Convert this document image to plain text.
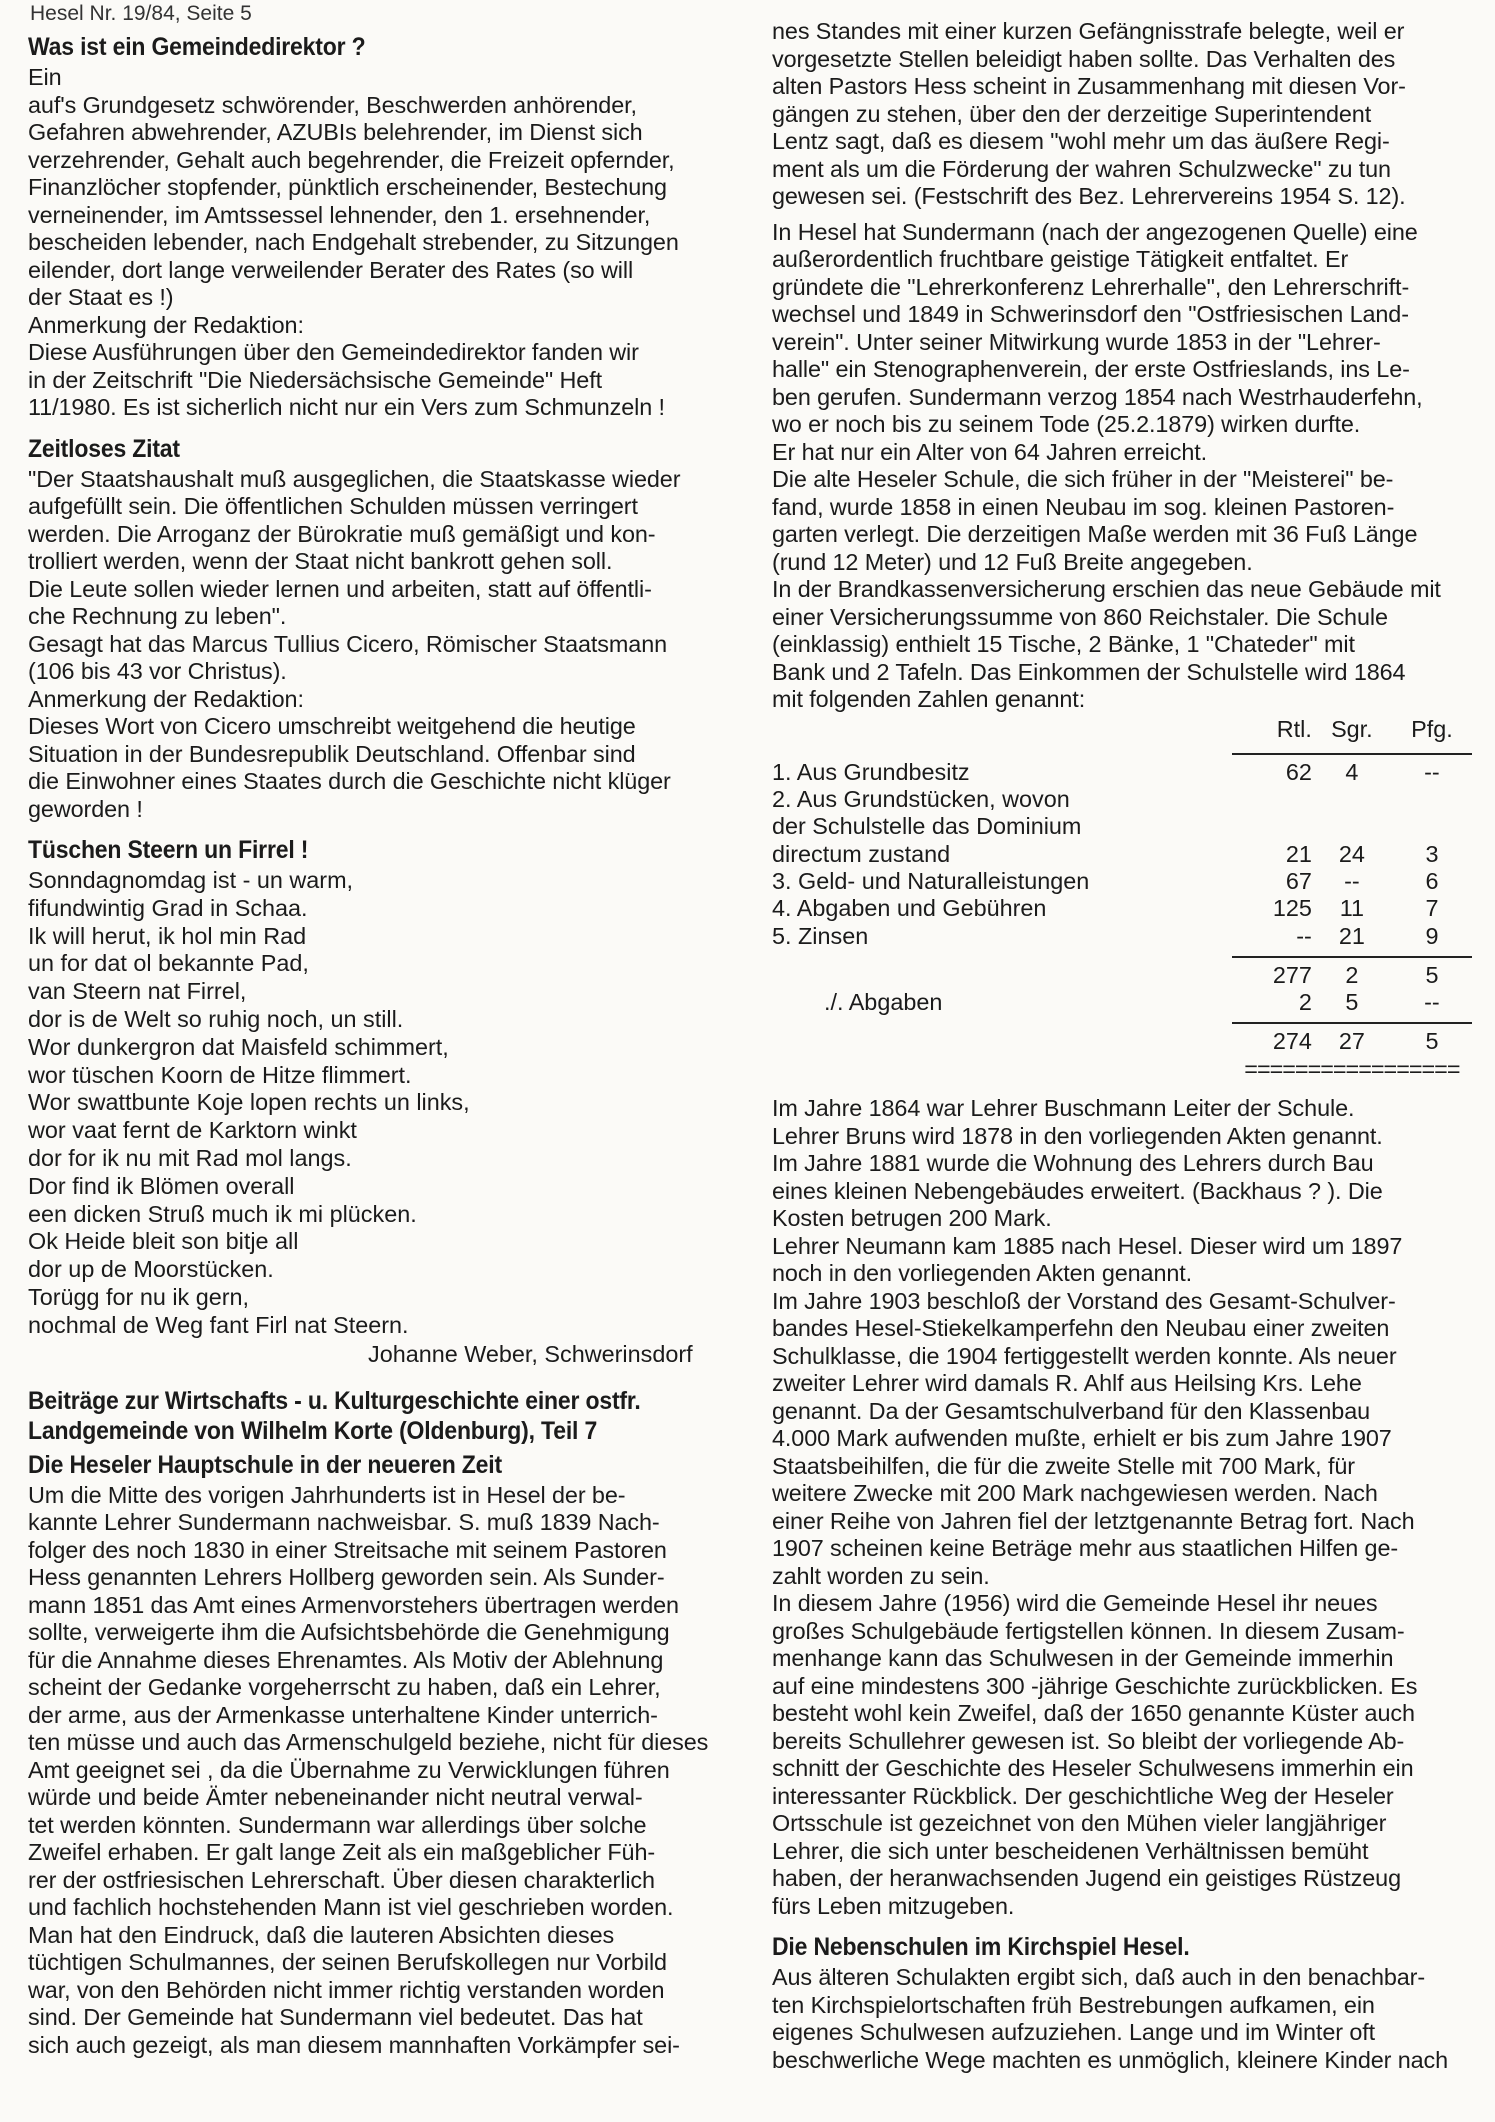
Hesel Nr. 19/84, Seite 5
Was ist ein Gemeindedirektor ?

Ein
auf's Grundgesetz schwörender, Beschwerden anhörender,
Gefahren abwehrender, AZUBIs belehrender, im Dienst sich
verzehrender, Gehalt auch begehrender, die Freizeit opfernder,
Finanzlöcher stopfender, pünktlich erscheinender, Bestechung
verneinender, im Amtssessel lehnender, den 1. ersehnender,
bescheiden lebender, nach Endgehalt strebender, zu Sitzungen
eilender, dort lange verweilender Berater des Rates (so will
der Staat es !)

Anmerkung der Redaktion:

Diese Ausführungen über den Gemeindedirektor fanden wir
in der Zeitschrift "Die Niedersächsische Gemeinde" Heft
11/1980. Es ist sicherlich nicht nur ein Vers zum Schmunzeln !

Zeitloses Zitat

"Der Staatshaushalt muß ausgeglichen, die Staatskasse wieder
aufgefüllt sein. Die öffentlichen Schulden müssen verringert
werden. Die Arroganz der Bürokratie muß gemäßigt und kon-
trolliert werden, wenn der Staat nicht bankrott gehen soll.
Die Leute sollen wieder lernen und arbeiten, statt auf öffentli-
che Rechnung zu leben".
Gesagt hat das Marcus Tullius Cicero, Römischer Staatsmann
(106 bis 43 vor Christus).

Anmerkung der Redaktion:

Dieses Wort von Cicero umschreibt weitgehend die heutige
Situation in der Bundesrepublik Deutschland. Offenbar sind
die Einwohner eines Staates durch die Geschichte nicht klüger
geworden !

Tüschen Steern un Firrel !
Sonndagnomdag ist - un warm,
fifundwintig Grad in Schaa.
Ik will herut, ik hol min Rad
un for dat ol bekannte Pad,
van Steern nat Firrel,
dor is de Welt so ruhig noch, un still.
Wor dunkergron dat Maisfeld schimmert,
wor tüschen Koorn de Hitze flimmert.
Wor swattbunte Koje lopen rechts un links,
wor vaat fernt de Karktorn winkt
dor for ik nu mit Rad mol langs.
Dor find ik Blömen overall
een dicken Struß much ik mi plücken.
Ok Heide bleit son bitje all
dor up de Moorstücken.
Torügg for nu ik gern,
nochmal de Weg fant Firl nat Steern.
Johanne Weber, Schwerinsdorf
Beiträge zur Wirtschafts - u. Kulturgeschichte einer ostfr.
Landgemeinde von Wilhelm Korte (Oldenburg), Teil 7
Die Heseler Hauptschule in der neueren Zeit

Um die Mitte des vorigen Jahrhunderts ist in Hesel der be-
kannte Lehrer Sundermann nachweisbar. S. muß 1839 Nach-
folger des noch 1830 in einer Streitsache mit seinem Pastoren
Hess genannten Lehrers Hollberg geworden sein. Als Sunder-
mann 1851 das Amt eines Armenvorstehers übertragen werden
sollte, verweigerte ihm die Aufsichtsbehörde die Genehmigung
für die Annahme dieses Ehrenamtes. Als Motiv der Ablehnung
scheint der Gedanke vorgeherrscht zu haben, daß ein Lehrer,
der arme, aus der Armenkasse unterhaltene Kinder unterrich-
ten müsse und auch das Armenschulgeld beziehe, nicht für dieses
Amt geeignet sei , da die Übernahme zu Verwicklungen führen
würde und beide Ämter nebeneinander nicht neutral verwal-
tet werden könnten. Sundermann war allerdings über solche
Zweifel erhaben. Er galt lange Zeit als ein maßgeblicher Füh-
rer der ostfriesischen Lehrerschaft. Über diesen charakterlich
und fachlich hochstehenden Mann ist viel geschrieben worden.
Man hat den Eindruck, daß die lauteren Absichten dieses
tüchtigen Schulmannes, der seinen Berufskollegen nur Vorbild
war, von den Behörden nicht immer richtig verstanden worden
sind. Der Gemeinde hat Sundermann viel bedeutet. Das hat
sich auch gezeigt, als man diesem mannhaften Vorkämpfer sei-

nes Standes mit einer kurzen Gefängnisstrafe belegte, weil er
vorgesetzte Stellen beleidigt haben sollte. Das Verhalten des
alten Pastors Hess scheint in Zusammenhang mit diesen Vor-
gängen zu stehen, über den der derzeitige Superintendent
Lentz sagt, daß es diesem "wohl mehr um das äußere Regi-
ment als um die Förderung der wahren Schulzwecke" zu tun
gewesen sei. (Festschrift des Bez. Lehrervereins 1954 S. 12).

In Hesel hat Sundermann (nach der angezogenen Quelle) eine
außerordentlich fruchtbare geistige Tätigkeit entfaltet. Er
gründete die "Lehrerkonferenz Lehrerhalle", den Lehrerschrift-
wechsel und 1849 in Schwerinsdorf den "Ostfriesischen Land-
verein". Unter seiner Mitwirkung wurde 1853 in der "Lehrer-
halle" ein Stenographenverein, der erste Ostfrieslands, ins Le-
ben gerufen. Sundermann verzog 1854 nach Westrhauderfehn,
wo er noch bis zu seinem Tode (25.2.1879) wirken durfte.
Er hat nur ein Alter von 64 Jahren erreicht.
Die alte Heseler Schule, die sich früher in der "Meisterei" be-
fand, wurde 1858 in einen Neubau im sog. kleinen Pastoren-
garten verlegt. Die derzeitigen Maße werden mit 36 Fuß Länge
(rund 12 Meter) und 12 Fuß Breite angegeben.
In der Brandkassenversicherung erschien das neue Gebäude mit
einer Versicherungssumme von 860 Reichstaler. Die Schule
(einklassig) enthielt 15 Tische, 2 Bänke, 1 "Chateder" mit
Bank und 2 Tafeln. Das Einkommen der Schulstelle wird 1864
mit folgenden Zahlen genannt:

	Rtl.	Sgr.	Pfg.

1. Aus Grundbesitz	62	4	--
2. Aus Grundstücken, wovon
der Schulstelle das Dominium
directum zustand	21	24	3
3. Geld- und Naturalleistungen	67	--	6
4. Abgaben und Gebühren	125	11	7
5. Zinsen	--	21	9

	277	2	5
./. Abgaben	2	5	--

	274	27	5
	=================		

Im Jahre 1864 war Lehrer Buschmann Leiter der Schule.
Lehrer Bruns wird 1878 in den vorliegenden Akten genannt.
Im Jahre 1881 wurde die Wohnung des Lehrers durch Bau
eines kleinen Nebengebäudes erweitert. (Backhaus ? ). Die
Kosten betrugen 200 Mark.
Lehrer Neumann kam 1885 nach Hesel. Dieser wird um 1897
noch in den vorliegenden Akten genannt.
Im Jahre 1903 beschloß der Vorstand des Gesamt-Schulver-
bandes Hesel-Stiekelkamperfehn den Neubau einer zweiten
Schulklasse, die 1904 fertiggestellt werden konnte. Als neuer
zweiter Lehrer wird damals R. Ahlf aus Heilsing Krs. Lehe
genannt. Da der Gesamtschulverband für den Klassenbau
4.000 Mark aufwenden mußte, erhielt er bis zum Jahre 1907
Staatsbeihilfen, die für die zweite Stelle mit 700 Mark, für
weitere Zwecke mit 200 Mark nachgewiesen werden. Nach
einer Reihe von Jahren fiel der letztgenannte Betrag fort. Nach
1907 scheinen keine Beträge mehr aus staatlichen Hilfen ge-
zahlt worden zu sein.
In diesem Jahre (1956) wird die Gemeinde Hesel ihr neues
großes Schulgebäude fertigstellen können. In diesem Zusam-
menhange kann das Schulwesen in der Gemeinde immerhin
auf eine mindestens 300 -jährige Geschichte zurückblicken. Es
besteht wohl kein Zweifel, daß der 1650 genannte Küster auch
bereits Schullehrer gewesen ist. So bleibt der vorliegende Ab-
schnitt der Geschichte des Heseler Schulwesens immerhin ein
interessanter Rückblick. Der geschichtliche Weg der Heseler
Ortsschule ist gezeichnet von den Mühen vieler langjähriger
Lehrer, die sich unter bescheidenen Verhältnissen bemüht
haben, der heranwachsenden Jugend ein geistiges Rüstzeug
fürs Leben mitzugeben.

Die Nebenschulen im Kirchspiel Hesel.

Aus älteren Schulakten ergibt sich, daß auch in den benachbar-
ten Kirchspielortschaften früh Bestrebungen aufkamen, ein
eigenes Schulwesen aufzuziehen. Lange und im Winter oft
beschwerliche Wege machten es unmöglich, kleinere Kinder nach
